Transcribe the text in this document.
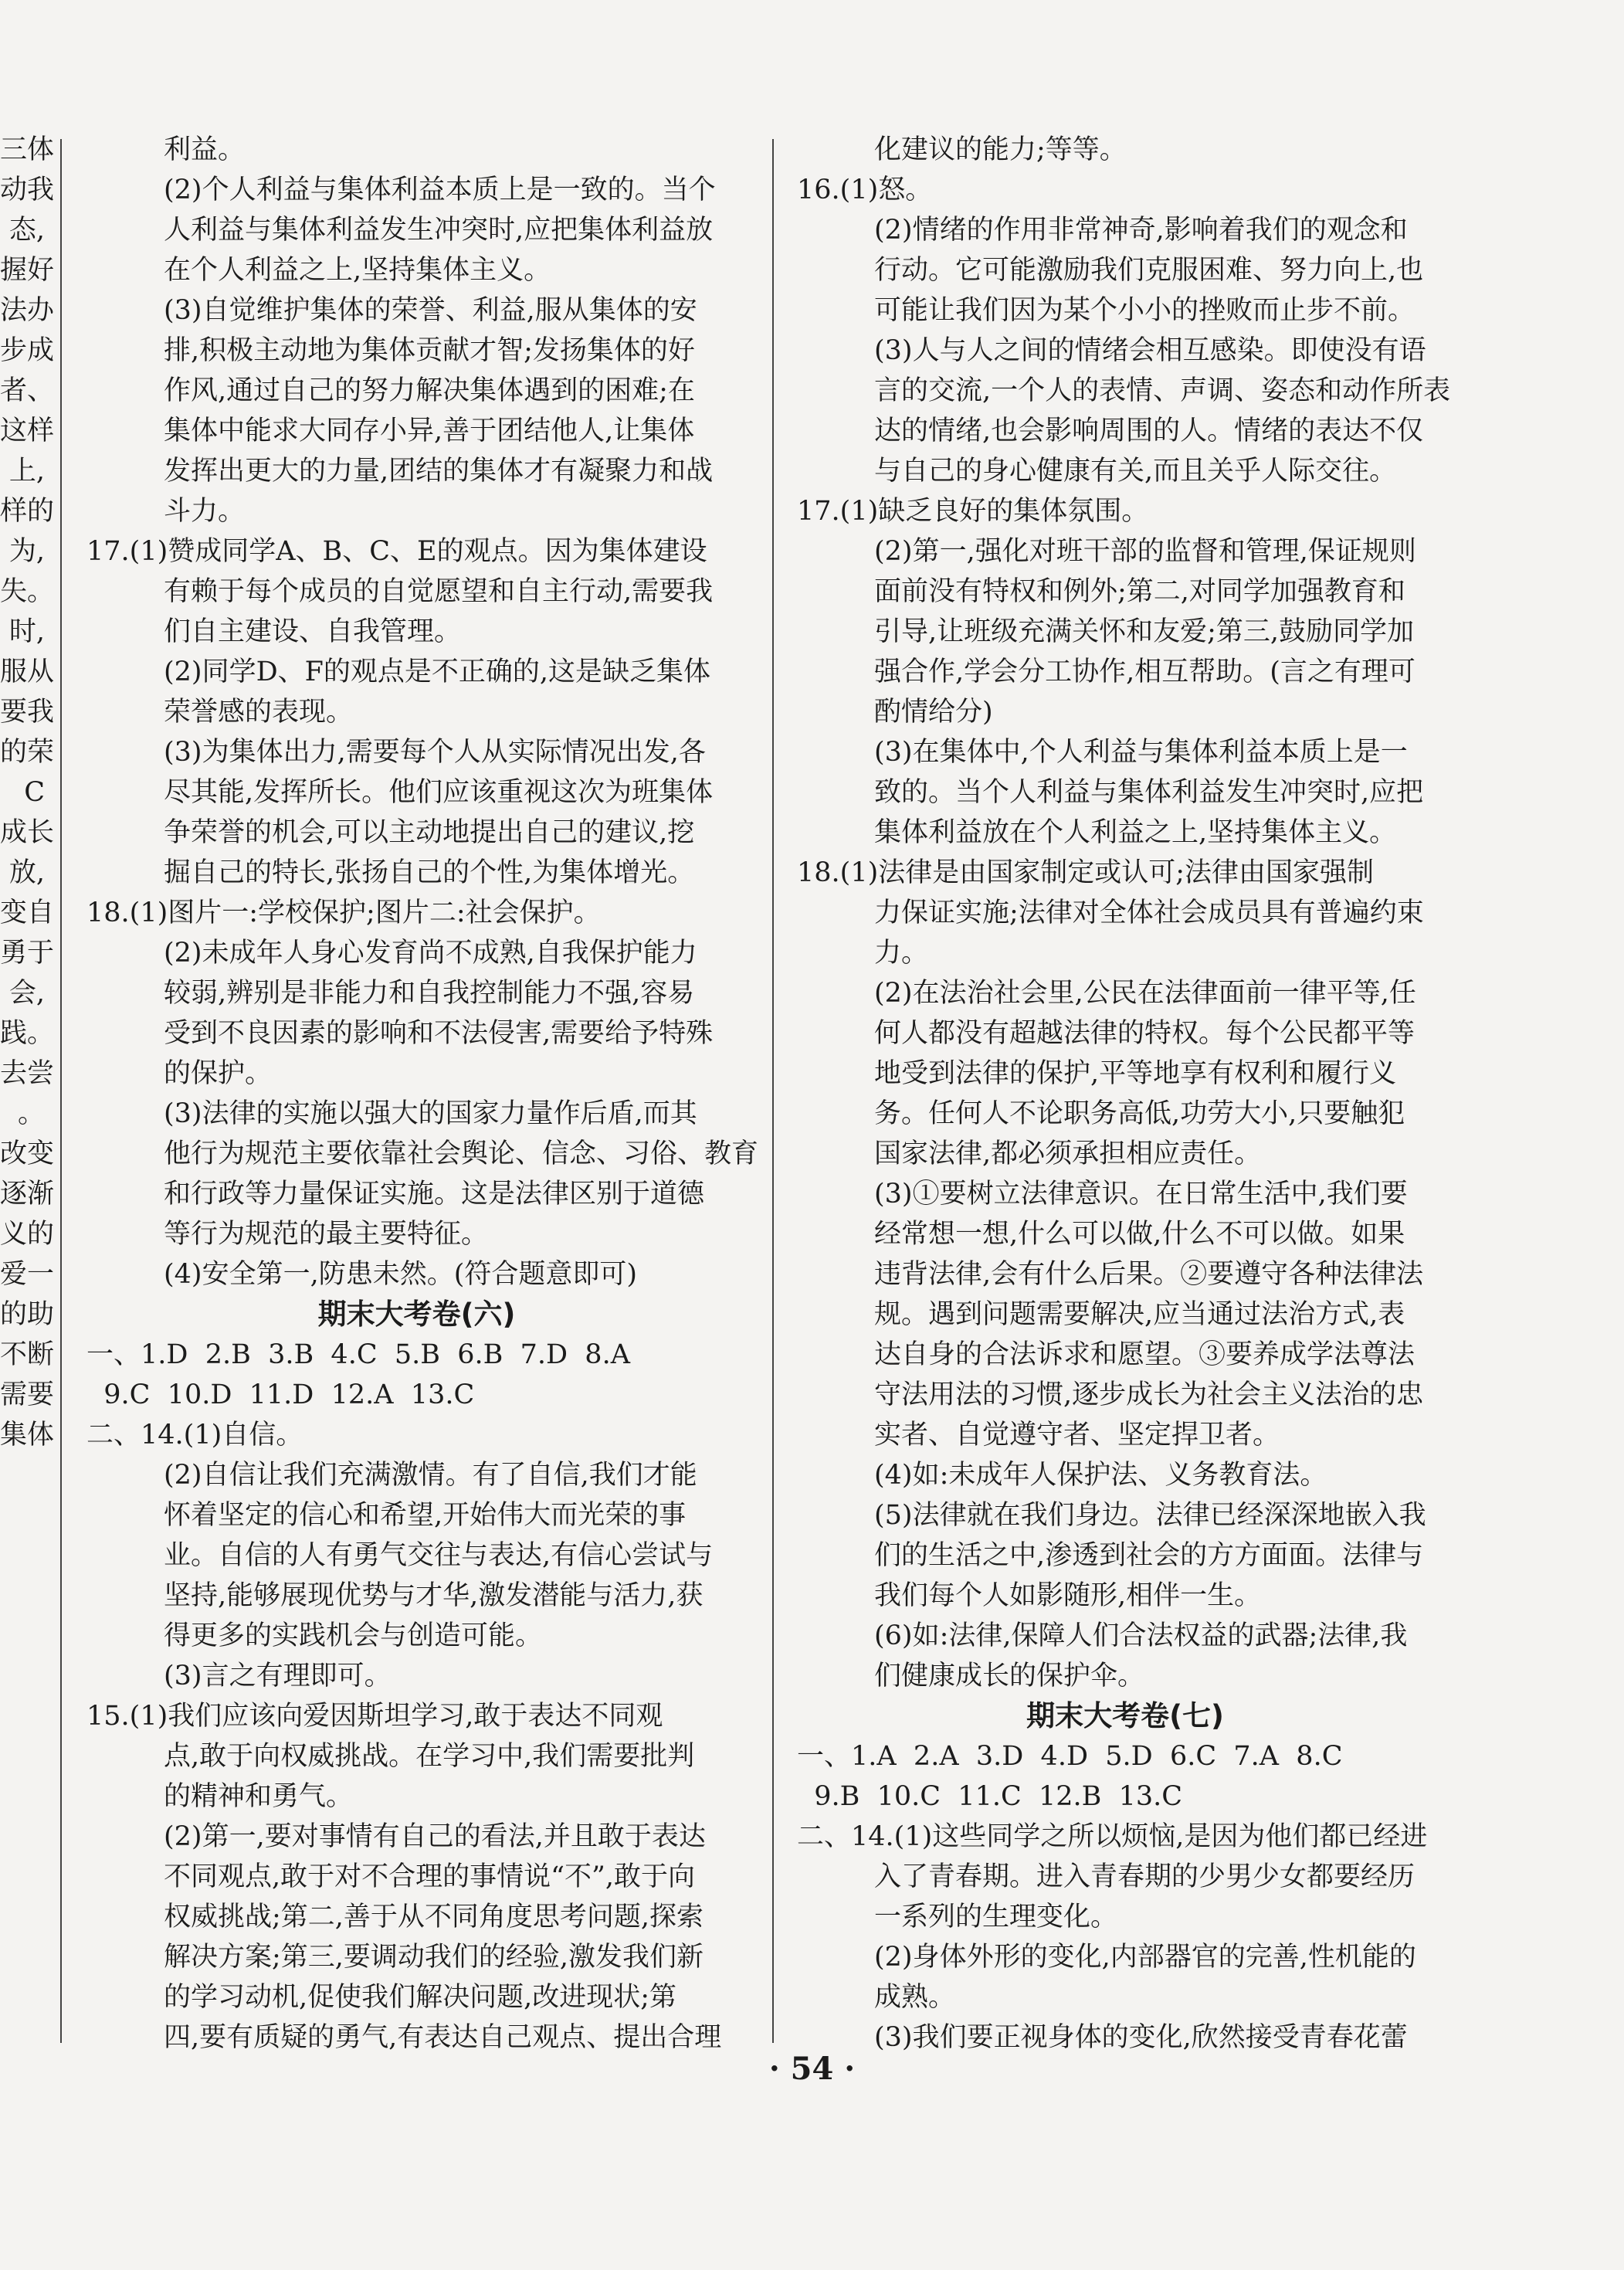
三体

动我

态,

握好

法办

步成

者、

这样

上,

样的

为,

失。

时,

服从

要我

的荣

C

成长

放,

变自

勇于

会,

践。

去尝

。

改变

逐渐

义的

爱一

的助

不断

需要

集体

利益。

(2)个人利益与集体利益本质上是一致的。当个

人利益与集体利益发生冲突时,应把集体利益放

在个人利益之上,坚持集体主义。

(3)自觉维护集体的荣誉、利益,服从集体的安

排,积极主动地为集体贡献才智;发扬集体的好

作风,通过自己的努力解决集体遇到的困难;在

集体中能求大同存小异,善于团结他人,让集体

发挥出更大的力量,团结的集体才有凝聚力和战

斗力。

17.(1)赞成同学A、B、C、E的观点。因为集体建设

有赖于每个成员的自觉愿望和自主行动,需要我

们自主建设、自我管理。

(2)同学D、F的观点是不正确的,这是缺乏集体

荣誉感的表现。

(3)为集体出力,需要每个人从实际情况出发,各

尽其能,发挥所长。他们应该重视这次为班集体

争荣誉的机会,可以主动地提出自己的建议,挖

掘自己的特长,张扬自己的个性,为集体增光。

18.(1)图片一:学校保护;图片二:社会保护。

(2)未成年人身心发育尚不成熟,自我保护能力

较弱,辨别是非能力和自我控制能力不强,容易

受到不良因素的影响和不法侵害,需要给予特殊

的保护。

(3)法律的实施以强大的国家力量作后盾,而其

他行为规范主要依靠社会舆论、信念、习俗、教育

和行政等力量保证实施。这是法律区别于道德

等行为规范的最主要特征。

(4)安全第一,防患未然。(符合题意即可)

期末大考卷(六)

一、1.D  2.B  3.B  4.C  5.B  6.B  7.D  8.A

9.C  10.D  11.D  12.A  13.C

二、14.(1)自信。

(2)自信让我们充满激情。有了自信,我们才能

怀着坚定的信心和希望,开始伟大而光荣的事

业。自信的人有勇气交往与表达,有信心尝试与

坚持,能够展现优势与才华,激发潜能与活力,获

得更多的实践机会与创造可能。

(3)言之有理即可。

15.(1)我们应该向爱因斯坦学习,敢于表达不同观

点,敢于向权威挑战。在学习中,我们需要批判

的精神和勇气。

(2)第一,要对事情有自己的看法,并且敢于表达

不同观点,敢于对不合理的事情说“不”,敢于向

权威挑战;第二,善于从不同角度思考问题,探索

解决方案;第三,要调动我们的经验,激发我们新

的学习动机,促使我们解决问题,改进现状;第

四,要有质疑的勇气,有表达自己观点、提出合理

化建议的能力;等等。

16.(1)怒。

(2)情绪的作用非常神奇,影响着我们的观念和

行动。它可能激励我们克服困难、努力向上,也

可能让我们因为某个小小的挫败而止步不前。

(3)人与人之间的情绪会相互感染。即使没有语

言的交流,一个人的表情、声调、姿态和动作所表

达的情绪,也会影响周围的人。情绪的表达不仅

与自己的身心健康有关,而且关乎人际交往。

17.(1)缺乏良好的集体氛围。

(2)第一,强化对班干部的监督和管理,保证规则

面前没有特权和例外;第二,对同学加强教育和

引导,让班级充满关怀和友爱;第三,鼓励同学加

强合作,学会分工协作,相互帮助。(言之有理可

酌情给分)

(3)在集体中,个人利益与集体利益本质上是一

致的。当个人利益与集体利益发生冲突时,应把

集体利益放在个人利益之上,坚持集体主义。

18.(1)法律是由国家制定或认可;法律由国家强制

力保证实施;法律对全体社会成员具有普遍约束

力。

(2)在法治社会里,公民在法律面前一律平等,任

何人都没有超越法律的特权。每个公民都平等

地受到法律的保护,平等地享有权利和履行义

务。任何人不论职务高低,功劳大小,只要触犯

国家法律,都必须承担相应责任。

(3)①要树立法律意识。在日常生活中,我们要

经常想一想,什么可以做,什么不可以做。如果

违背法律,会有什么后果。②要遵守各种法律法

规。遇到问题需要解决,应当通过法治方式,表

达自身的合法诉求和愿望。③要养成学法尊法

守法用法的习惯,逐步成长为社会主义法治的忠

实者、自觉遵守者、坚定捍卫者。

(4)如:未成年人保护法、义务教育法。

(5)法律就在我们身边。法律已经深深地嵌入我

们的生活之中,渗透到社会的方方面面。法律与

我们每个人如影随形,相伴一生。

(6)如:法律,保障人们合法权益的武器;法律,我

们健康成长的保护伞。

期末大考卷(七)

一、1.A  2.A  3.D  4.D  5.D  6.C  7.A  8.C

9.B  10.C  11.C  12.B  13.C

二、14.(1)这些同学之所以烦恼,是因为他们都已经进

入了青春期。进入青春期的少男少女都要经历

一系列的生理变化。

(2)身体外形的变化,内部器官的完善,性机能的

成熟。

(3)我们要正视身体的变化,欣然接受青春花蕾

· 54 ·
